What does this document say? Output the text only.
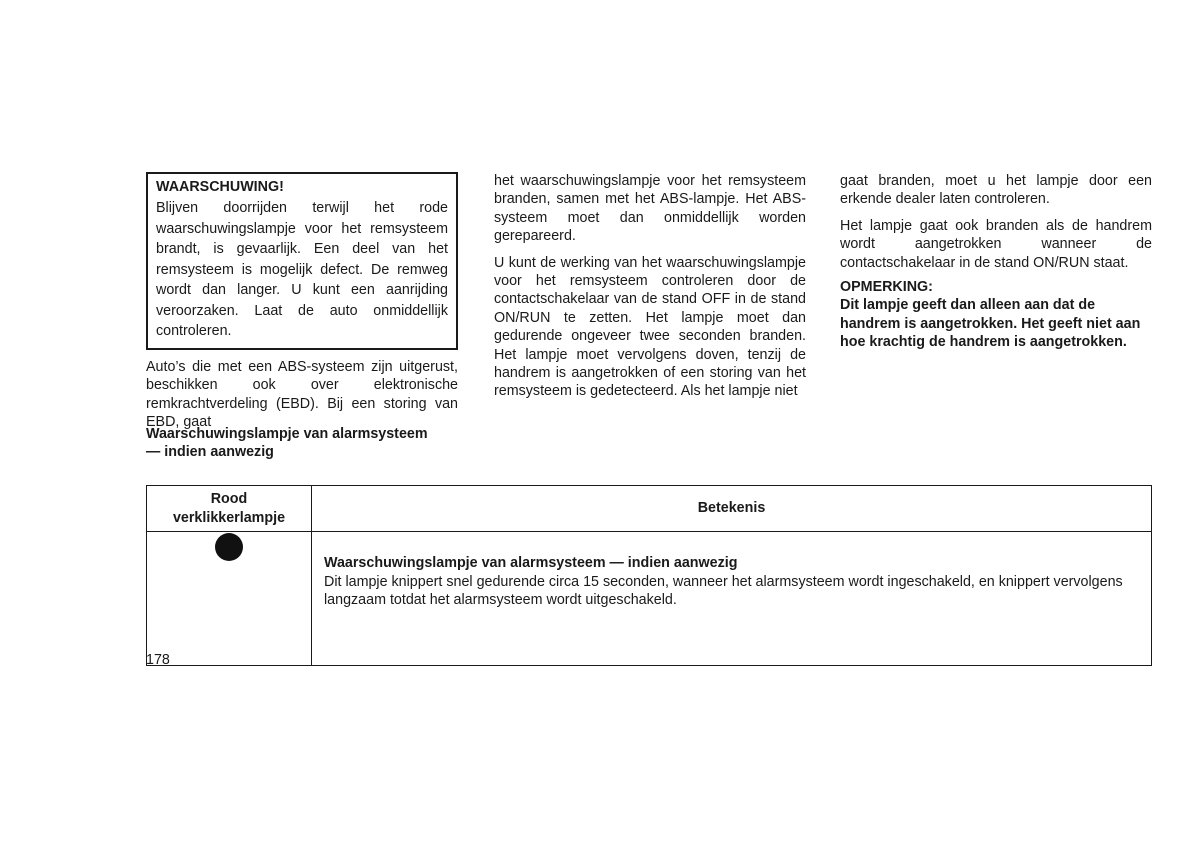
WAARSCHUWING!
Blijven doorrijden terwijl het rode waarschuwingslampje voor het remsysteem brandt, is gevaarlijk. Een deel van het remsysteem is mogelijk defect. De remweg wordt dan langer. U kunt een aanrijding veroorzaken. Laat de auto onmiddellijk controleren.

Auto’s die met een ABS-systeem zijn uitgerust, beschikken ook over elektronische remkrachtverdeling (EBD). Bij een storing van EBD, gaat

het waarschuwingslampje voor het remsysteem branden, samen met het ABS-lampje. Het ABS-systeem moet dan onmiddellijk worden gerepareerd.

U kunt de werking van het waarschuwingslampje voor het remsysteem controleren door de contactschakelaar van de stand OFF in de stand ON/RUN te zetten. Het lampje moet dan gedurende ongeveer twee seconden branden. Het lampje moet vervolgens doven, tenzij de handrem is aangetrokken of een storing van het remsysteem is gedetecteerd. Als het lampje niet

gaat branden, moet u het lampje door een erkende dealer laten controleren.

Het lampje gaat ook branden als de handrem wordt aangetrokken wanneer de contactschakelaar in de stand ON/RUN staat.

OPMERKING:
Dit lampje geeft dan alleen aan dat de handrem is aangetrokken. Het geeft niet aan hoe krachtig de handrem is aangetrokken.
Waarschuwingslampje van alarmsysteem
— indien aanwezig
Rood
verklikkerlampje	Betekenis

	Waarschuwingslampje van alarmsysteem — indien aanwezig
Dit lampje knippert snel gedurende circa 15 seconden, wanneer het alarmsysteem wordt ingeschakeld, en knippert vervolgens langzaam totdat het alarmsysteem wordt uitgeschakeld.
178
